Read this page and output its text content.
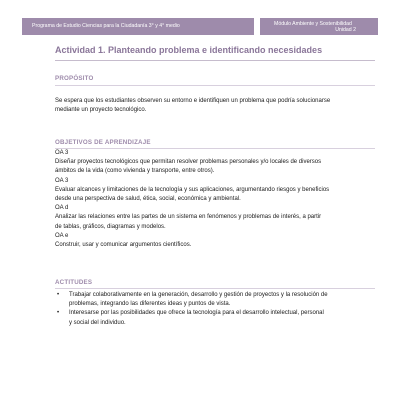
Programa de Estudio Ciencias para la Ciudadanía 3° y 4° medio	Módulo Ambiente y Sostenibilidad
Unidad 2
Actividad 1. Planteando problema e identificando necesidades
PROPÓSITO
Se espera que los estudiantes observen su entorno e identifiquen un problema que podría solucionarse
mediante un proyecto tecnológico.
OBJETIVOS DE APRENDIZAJE
OA 3
Diseñar proyectos tecnológicos que permitan resolver problemas personales y/o locales de diversos
ámbitos de la vida (como vivienda y transporte, entre otros).
OA 3
Evaluar alcances y limitaciones de la tecnología y sus aplicaciones, argumentando riesgos y beneficios
desde una perspectiva de salud, ética, social, económica y ambiental.
OA d
Analizar las relaciones entre las partes de un sistema en fenómenos y problemas de interés, a partir
de tablas, gráficos, diagramas y modelos.
OA e
Construir, usar y comunicar argumentos científicos.
ACTITUDES
• Trabajar colaborativamente en la generación, desarrollo y gestión de proyectos y la resolución de
problemas, integrando las diferentes ideas y puntos de vista.
• Interesarse por las posibilidades que ofrece la tecnología para el desarrollo intelectual, personal
y social del individuo.
